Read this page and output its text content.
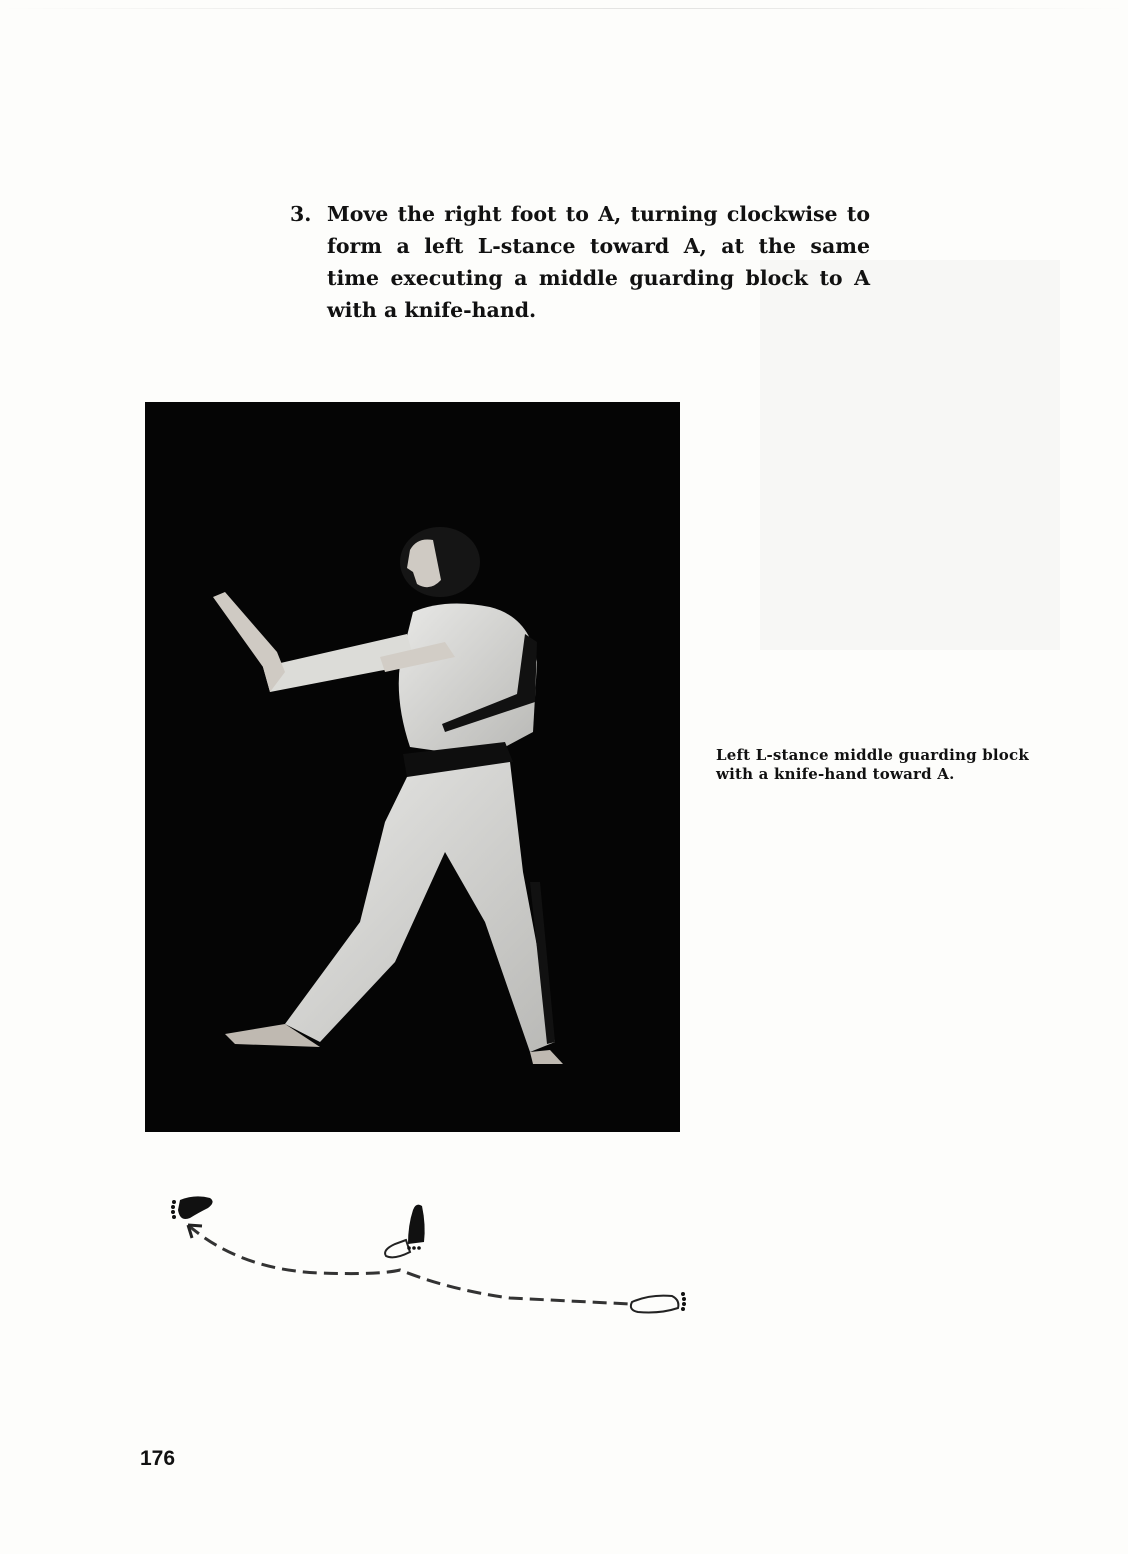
3. Move the right foot to A, turning clockwise to form a left L-stance toward A, at the same time executing a middle guarding block to A with a knife-hand.
Left L-stance middle guarding block with a knife-hand toward A.
176
